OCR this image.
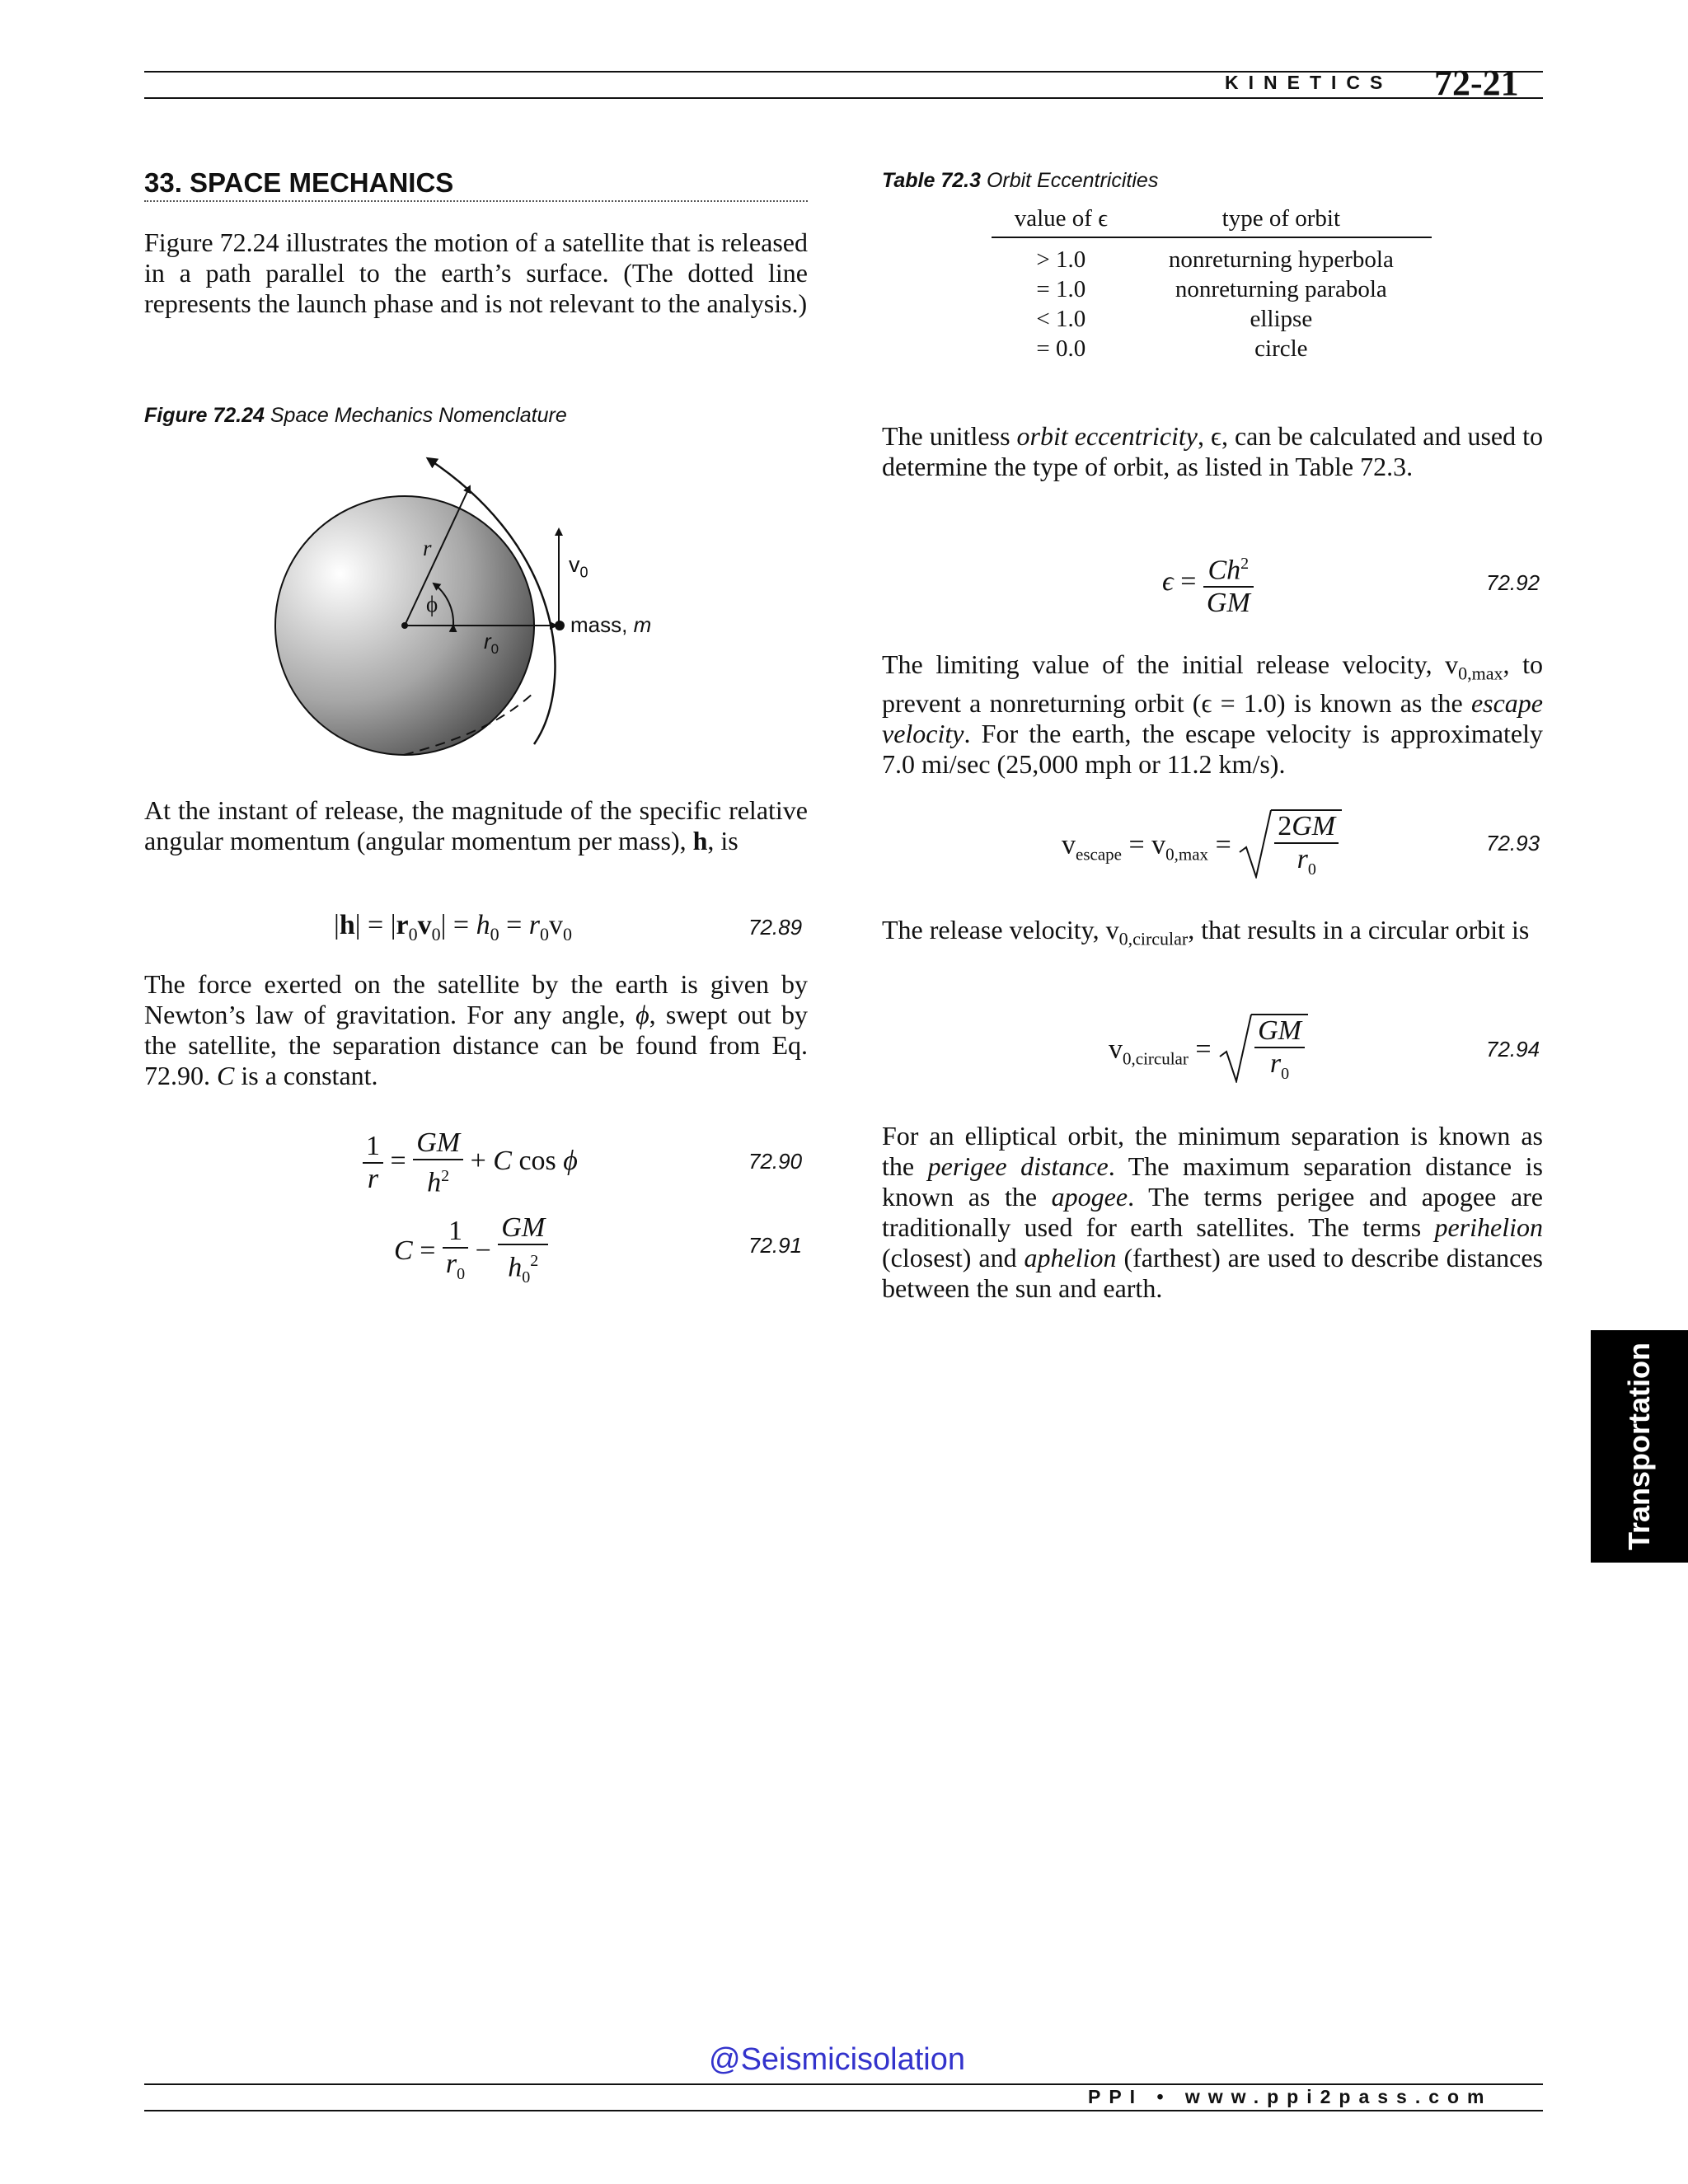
KINETICS 72-21
33. SPACE MECHANICS
Figure 72.24 illustrates the motion of a satellite that is released in a path parallel to the earth’s surface. (The dotted line represents the launch phase and is not relevant to the analysis.)
Figure 72.24 Space Mechanics Nomenclature
r
ϕ
$r_0$
$v_0$
mass, m
At the instant of release, the magnitude of the specific relative angular momentum (angular momentum per mass), h, is
$|h| = |r_0v_0| = h_0 = r_0v_0$	72.89
The force exerted on the satellite by the earth is given by Newton’s law of gravitation. For any angle, ϕ, swept out by the satellite, the separation distance can be found from Eq. 72.90. C is a constant.
$\frac{1}{r} = \frac{GM}{h^2} + C$ cos ϕ	72.90
$C = \frac{1}{r_0} - \frac{GM}{h_0^2}$	72.91
Table 72.3 Orbit Eccentricities
value of ϵ	type of orbit
> 1.0	nonreturning hyperbola
= 1.0	nonreturning parabola
< 1.0	ellipse
= 0.0	circle
The unitless orbit eccentricity, ϵ, can be calculated and used to determine the type of orbit, as listed in Table 72.3.
$\epsilon = \frac{Ch^2}{GM}$	72.92
The limiting value of the initial release velocity, $v_{0,max}$, to prevent a nonreturning orbit (ϵ = 1.0) is known as the escape velocity. For the earth, the escape velocity is approximately 7.0 mi/sec (25,000 mph or 11.2 km/s).
$v_{escape} = v_{0,max} = \frac{2GM}{r_0}$	72.93
The release velocity, $v_{0,circular}$, that results in a circular orbit is
$v_{0,circular} = \frac{GM}{r_0}$	72.94
For an elliptical orbit, the minimum separation is known as the perigee distance. The maximum separation distance is known as the apogee. The terms perigee and apogee are traditionally used for earth satellites. The terms perihelion (closest) and aphelion (farthest) are used to describe distances between the sun and earth.
Transportation
@Seismicisolation
PPI • www.ppi2pass.com
